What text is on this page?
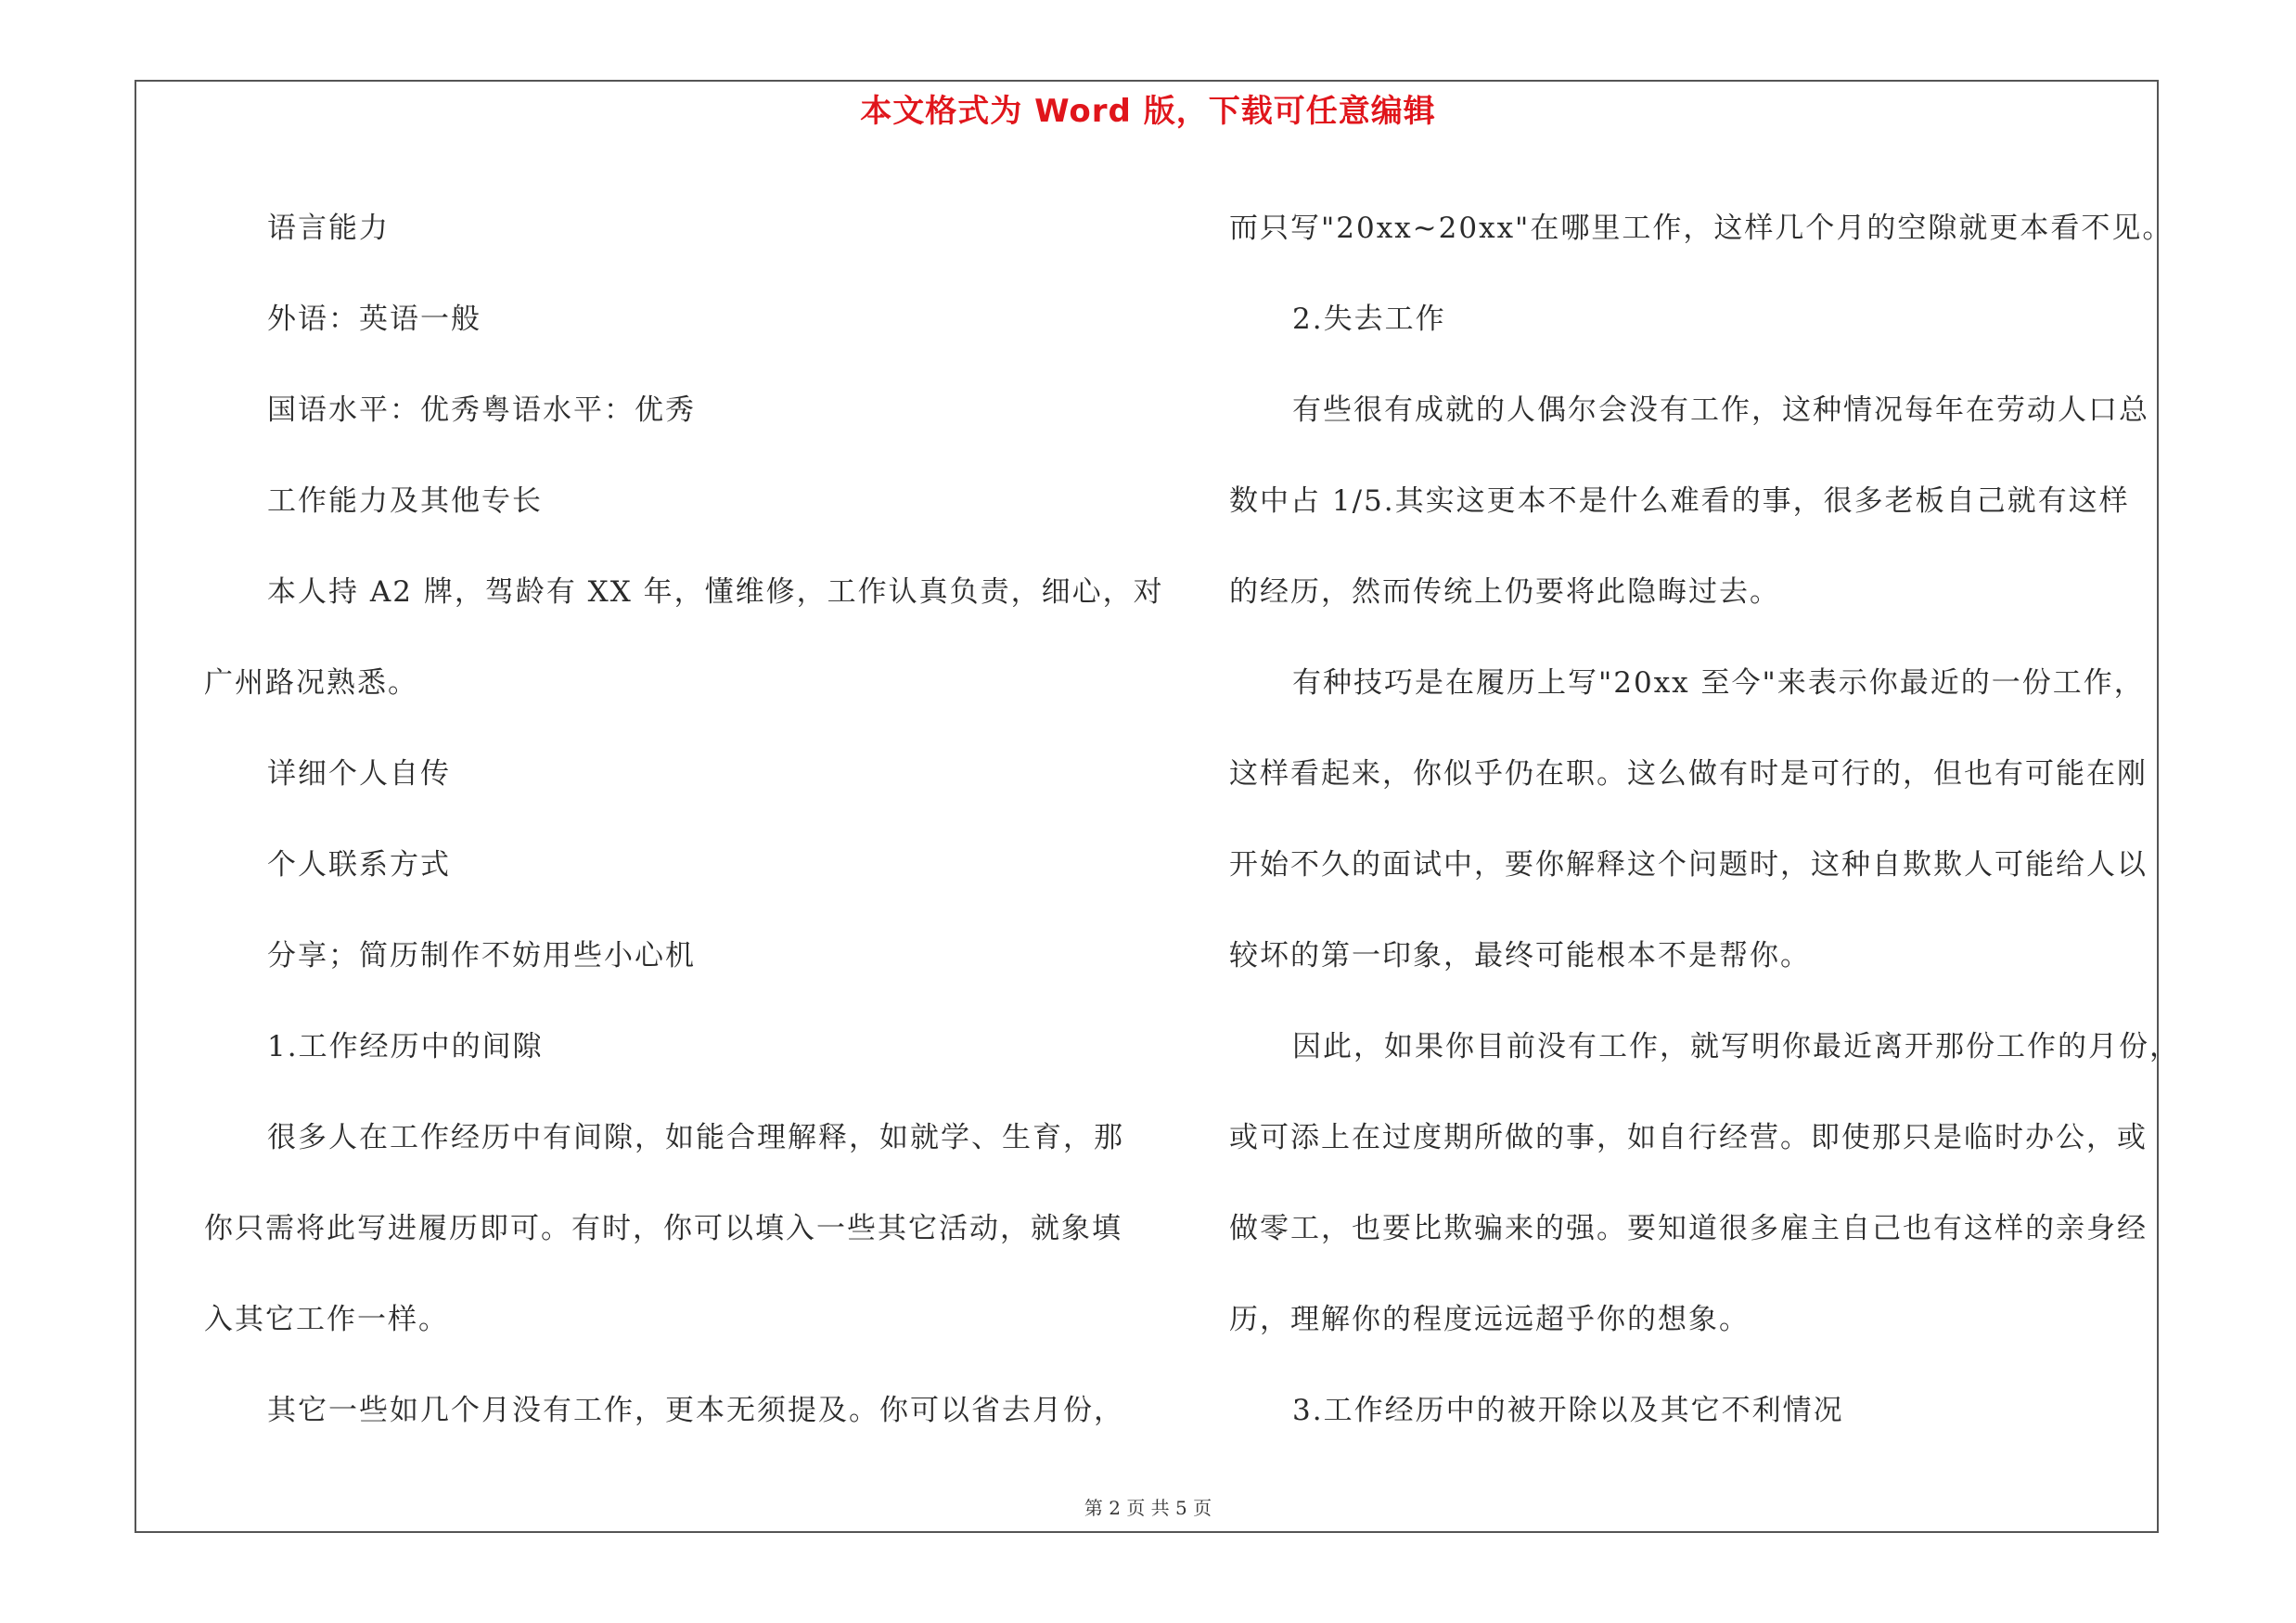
本文格式为 Word 版，下载可任意编辑
语言能力
外语：英语一般
国语水平：优秀粤语水平：优秀
工作能力及其他专长
本人持 A2 牌，驾龄有 XX 年，懂维修，工作认真负责，细心，对
广州路况熟悉。
详细个人自传
个人联系方式
分享；简历制作不妨用些小心机
1.工作经历中的间隙
很多人在工作经历中有间隙，如能合理解释，如就学、生育，那
你只需将此写进履历即可。有时，你可以填入一些其它活动，就象填
入其它工作一样。
其它一些如几个月没有工作，更本无须提及。你可以省去月份，
而只写"20xx~20xx"在哪里工作，这样几个月的空隙就更本看不见。
2.失去工作
有些很有成就的人偶尔会没有工作，这种情况每年在劳动人口总
数中占 1/5.其实这更本不是什么难看的事，很多老板自己就有这样
的经历，然而传统上仍要将此隐晦过去。
有种技巧是在履历上写"20xx 至今"来表示你最近的一份工作，
这样看起来，你似乎仍在职。这么做有时是可行的，但也有可能在刚
开始不久的面试中，要你解释这个问题时，这种自欺欺人可能给人以
较坏的第一印象，最终可能根本不是帮你。
因此，如果你目前没有工作，就写明你最近离开那份工作的月份，
或可添上在过度期所做的事，如自行经营。即使那只是临时办公，或
做零工，也要比欺骗来的强。要知道很多雇主自己也有这样的亲身经
历，理解你的程度远远超乎你的想象。
3.工作经历中的被开除以及其它不利情况
第 2 页 共 5 页
